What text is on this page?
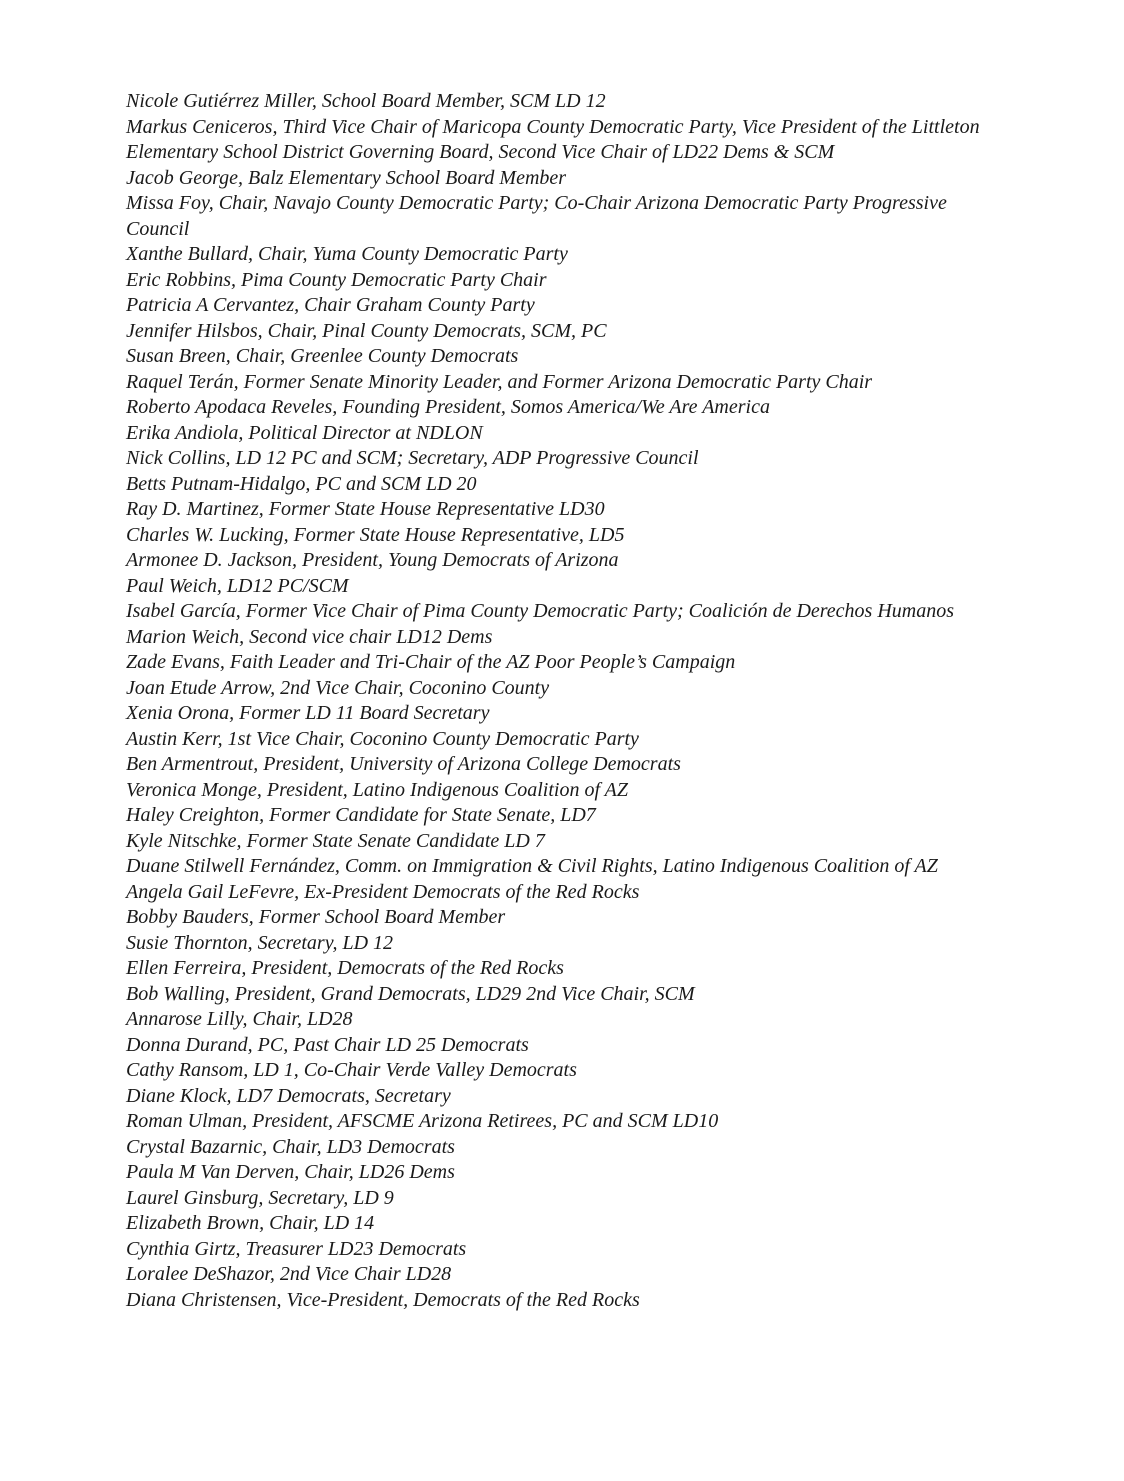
Nicole Gutiérrez Miller, School Board Member, SCM LD 12
Markus Ceniceros, Third Vice Chair of Maricopa County Democratic Party, Vice President of the Littleton Elementary School District Governing Board, Second Vice Chair of LD22 Dems & SCM
Jacob George, Balz Elementary School Board Member
Missa Foy, Chair, Navajo County Democratic Party; Co-Chair Arizona Democratic Party Progressive Council
Xanthe Bullard, Chair, Yuma County Democratic Party
Eric Robbins, Pima County Democratic Party Chair
Patricia A Cervantez, Chair Graham County Party
Jennifer Hilsbos, Chair, Pinal County Democrats, SCM, PC
Susan Breen, Chair, Greenlee County Democrats
Raquel Terán, Former Senate Minority Leader, and Former Arizona Democratic Party Chair
Roberto Apodaca Reveles, Founding President, Somos America/We Are America
Erika Andiola, Political Director at NDLON
Nick Collins, LD 12 PC and SCM; Secretary, ADP Progressive Council
Betts Putnam-Hidalgo, PC and SCM LD 20
Ray D. Martinez, Former State House Representative LD30
Charles W. Lucking, Former State House Representative, LD5
Armonee D. Jackson, President, Young Democrats of Arizona
Paul Weich, LD12 PC/SCM
Isabel García, Former Vice Chair of Pima County Democratic Party; Coalición de Derechos Humanos
Marion Weich, Second vice chair LD12 Dems
Zade Evans, Faith Leader and Tri-Chair of the AZ Poor People’s Campaign
Joan Etude Arrow, 2nd Vice Chair, Coconino County
Xenia Orona, Former LD 11 Board Secretary
Austin Kerr, 1st Vice Chair, Coconino County Democratic Party
Ben Armentrout, President, University of Arizona College Democrats
Veronica Monge, President, Latino Indigenous Coalition of AZ
Haley Creighton, Former Candidate for State Senate, LD7
Kyle Nitschke, Former State Senate Candidate LD 7
Duane Stilwell Fernández, Comm. on Immigration & Civil Rights, Latino Indigenous Coalition of AZ
Angela Gail LeFevre, Ex-President Democrats of the Red Rocks
Bobby Bauders, Former School Board Member
Susie Thornton, Secretary, LD 12
Ellen Ferreira, President, Democrats of the Red Rocks
Bob Walling, President, Grand Democrats, LD29 2nd Vice Chair, SCM
Annarose Lilly, Chair, LD28
Donna Durand, PC, Past Chair LD 25 Democrats
Cathy Ransom, LD 1, Co-Chair Verde Valley Democrats
Diane Klock, LD7 Democrats, Secretary
Roman Ulman, President, AFSCME Arizona Retirees, PC and SCM LD10
Crystal Bazarnic, Chair, LD3 Democrats
Paula M Van Derven, Chair, LD26 Dems
Laurel Ginsburg, Secretary, LD 9
Elizabeth Brown, Chair, LD 14
Cynthia Girtz, Treasurer LD23 Democrats
Loralee DeShazor, 2nd Vice Chair LD28
Diana Christensen, Vice-President, Democrats of the Red Rocks
